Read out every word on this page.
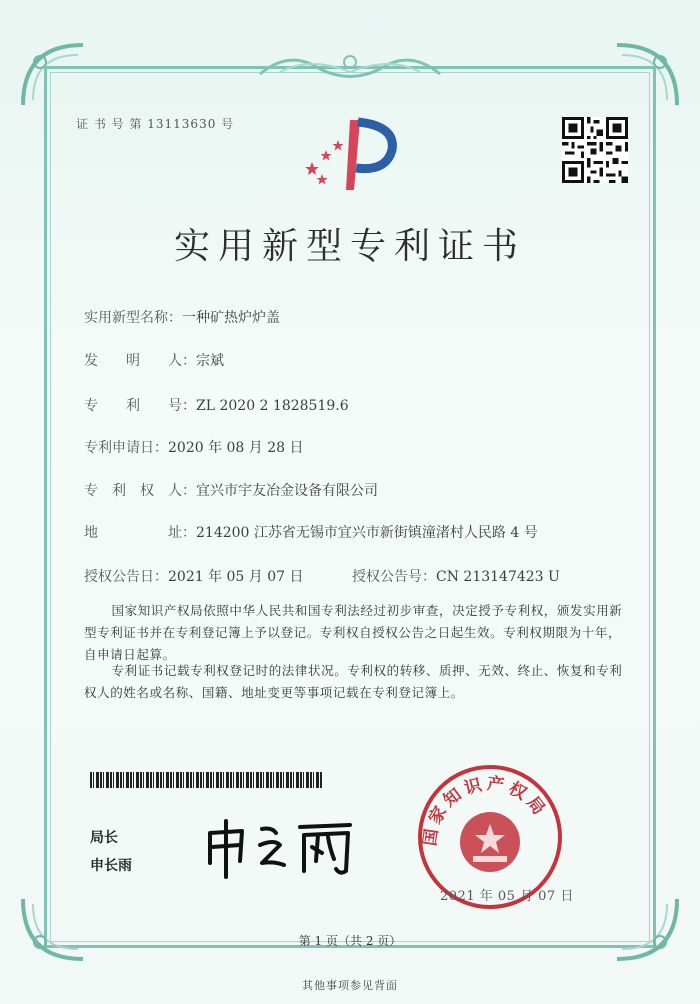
证 书 号 第 13113630 号
实用新型专利证书
实用新型名称：一种矿热炉炉盖
发　　明　　人：宗斌
专　　利　　号：ZL 2020 2 1828519.6
专利申请日：2020 年 08 月 28 日
专　利　权　人：宜兴市宇友冶金设备有限公司
地　　　　　址：214200 江苏省无锡市宜兴市新街镇潼渚村人民路 4 号
授权公告日：2021 年 05 月 07 日	授权公告号：CN 213147423 U
国家知识产权局依照中华人民共和国专利法经过初步审查，决定授予专利权，颁发实用新型专利证书并在专利登记簿上予以登记。专利权自授权公告之日起生效。专利权期限为十年，自申请日起算。
专利证书记载专利权登记时的法律状况。专利权的转移、质押、无效、终止、恢复和专利权人的姓名或名称、国籍、地址变更等事项记载在专利登记簿上。
局长
申长雨
国家知识产权局
2021 年 05 月 07 日
第 1 页（共 2 页）
其他事项参见背面
